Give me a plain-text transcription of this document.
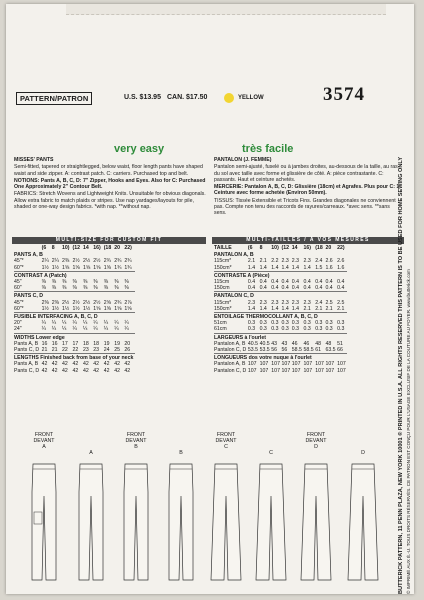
PATTERN/PATRON	U.S. $13.95 CAN. $17.50	YELLOW	3574
very easy	très facile

MISSES' PANTS

Semi-fitted, tapered or straightlegged, below waist, floor length pants have shaped waist and side zipper. A: contrast patch. C: carriers. Purchased top and belt.

NOTIONS: Pants A, B, C, D: 7" Zipper, Hooks and Eyes. Also for C: Purchased One Approximately 2" Contour Belt.

FABRICS: Stretch Wovens and Lightweight Knits. Unsuitable for obvious diagonals. Allow extra fabric to match plaids or stripes. Use nap yardages/layouts for pile, shaded or one-way design fabrics. *with nap. **without nap.

PANTALON (J. FEMME)

Pantalon semi-ajusté, fuselé ou à jambes droites, au-dessous de la taille, au ras du sol avec taille avec forme et glissière de côté. A: pièce contrastante. C: passants. Haut et ceinture achetés.

MERCERIE: Pantalon A, B, C, D: Glissière (18cm) et Agrafes. Plus pour C: 1 Ceinture avec forme achetée (Environ 50mm).

TISSUS: Tissée Extensible et Tricots Fins. Grandes diagonales ne conviennent pas. Compte non tenu des raccords de rayures/carreaux. *avec sens. **sans sens.

MULTI-SIZE FOR CUSTOM FIT	MULTI-TAILLES / À VOS MESURES
	(6	8	10)	(12	14	16)	(18	20	22)
PANTS A, B									
45"*	2¼	2¼	2⅜	2½	2½	2½	2¾	2¾	2¾
60"*	1½	1½	1⅝	1⅝	1⅝	1⅝	1⅝	1¾	1¾
CONTRAST A (Patch)									
45"	⅜	⅜	⅜	⅜	⅜	⅜	⅜	⅜	⅜
60"	⅜	⅜	⅜	⅜	⅜	⅜	⅜	⅜	⅜
PANTS C, D									
45"*	2⅜	2⅜	2½	2½	2½	2½	2⅝	2¾	2⅞
60"*	1½	1½	1½	1½	1½	1⅝	1⅝	1⅝	1⅝
FUSIBLE INTERFACING A, B, C, D									
20"	¼	¼	¼	¼	¼	¼	¼	¼	¼
24"	¼	¼	¼	¼	¼	¼	¼	¼	¼
WIDTHS Lower edge									
Pants A, B	16	16	17	17	18	18	19	19	20
Pants C, D	21	21	22	22	23	23	24	25	26
LENGTHS Finished back from base of your neck									
Pants A, B	42	42	42	42	42	42	42	42	42
Pants C, D	42	42	42	42	42	42	42	42	42
TAILLE	(6	8	10)	(12	14	16)	(18	20	22)
PANTALON A, B									
115cm*	2.1	2.1	2.2	2.3	2.3	2.3	2.4	2.6	2.6
150cm*	1.4	1.4	1.4	1.4	1.4	1.4	1.5	1.6	1.6
CONTRASTE A (Pièce)									
115cm	0.4	0.4	0.4	0.4	0.4	0.4	0.4	0.4	0.4
150cm	0.4	0.4	0.4	0.4	0.4	0.4	0.4	0.4	0.4
PANTALON C, D									
115cm*	2.3	2.3	2.3	2.3	2.3	2.3	2.4	2.5	2.5
150cm*	1.4	1.4	1.4	1.4	1.4	2.1	2.1	2.1	2.1
ENTOILAGE THERMOCOLLANT A, B, C, D									
51cm	0.3	0.3	0.3	0.3	0.3	0.3	0.3	0.3	0.3
61cm	0.3	0.3	0.3	0.3	0.3	0.3	0.3	0.3	0.3
LARGEURS à l'ourlet									
Pantalon A, B	40.5	40.5	43	43	46	46	48	48	51
Pantalon C, D	53.5	53.5	56	56	58.5	58.5	61	63.5	66
LONGUEURS dos votre nuque à l'ourlet									
Pantalon A, B	107	107	107	107	107	107	107	107	107
Pantalon C, D	107	107	107	107	107	107	107	107	107
FRONT
DEVANT
A
A
FRONT
DEVANT
B
B
FRONT
DEVANT
C
C
FRONT
DEVANT
D
D	BUTTERICK PATTERN, 11 PENN PLAZA, NEW YORK 10001 ® PRINTED IN U.S.A. ALL RIGHTS RESERVED THIS PATTERN IS TO BE USED FOR HOME SEWING ONLY © IMPRIMÉ AUX É.-U. TOUS DROITS RÉSERVÉS. CE PATRON EST CONÇU POUR L'USAGE EXCLUSIF DE LA COUTURE AU FOYER. www.butterick.com
